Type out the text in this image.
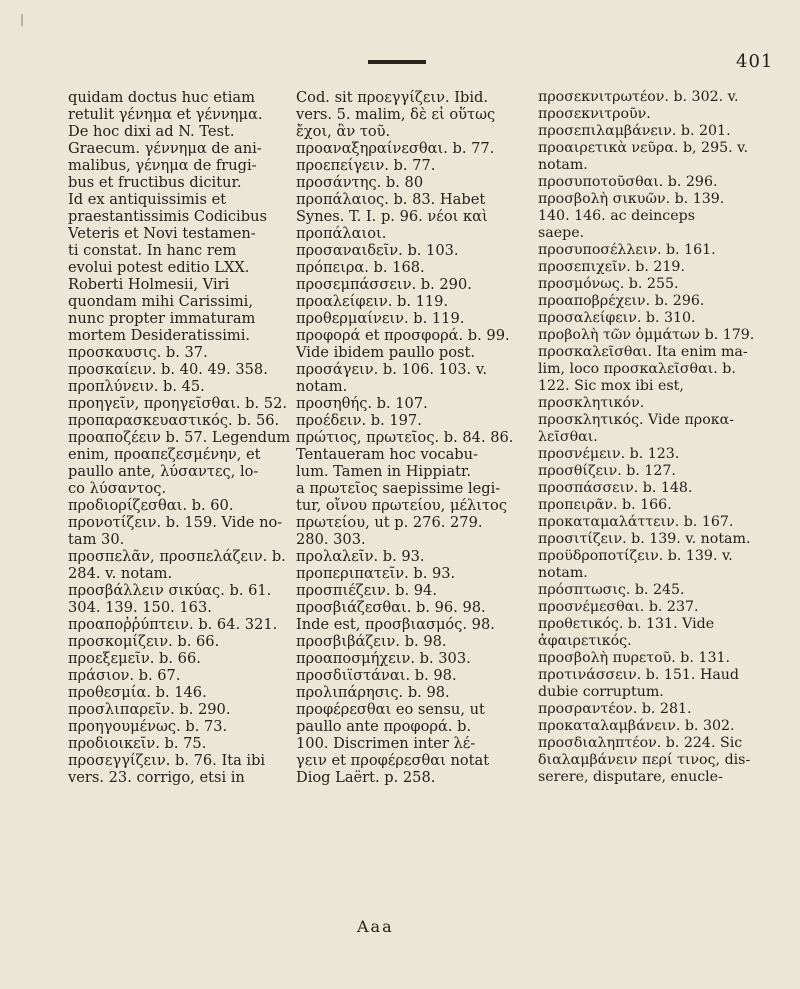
|
401
quidam doctus huc etiam
retulit γένημα et γέννημα.
De hoc dixi ad N. Test.
Graecum. γέννημα de ani-
malibus, γένημα de frugi-
bus et fructibus dicitur.
Id ex antiquissimis et
praestantissimis Codicibus
Veteris et Novi testamen-
ti constat. In hanc rem
evolui potest editio LXX.
Roberti Holmesii, Viri
quondam mihi Carissimi,
nunc propter immaturam
mortem Desideratissimi.
προσκαυσις. b. 37.
προσκαίειν. b. 40. 49. 358.
προπλύνειν. b. 45.
προηγεῖν, προηγεῖσθαι. b. 52.
προπαρασκευαστικός. b. 56.
προαποζέειν b. 57. Legendum
enim, προαπεζεσμένην, et
paullo ante, λύσαντες, lo-
co λύσαντος.
προδιορίζεσθαι. b. 60.
προνοτίζειν. b. 159. Vide no-
tam 30.
προσπελᾶν, προσπελάζειν. b.
284. v. notam.
προσβάλλειν σικύας. b. 61.
304. 139. 150. 163.
προαποῤῥύπτειν. b. 64. 321.
προσκομίζειν. b. 66.
προεξεμεῖν. b. 66.
πράσιον. b. 67.
προθεσμία. b. 146.
προσλιπαρεῖν. b. 290.
προηγουμένως. b. 73.
προδιοικεῖν. b. 75.
προσεγγίζειν. b. 76. Ita ibi
vers. 23. corrigo, etsi in
Cod. sit προεγγίζειν. Ibid.
vers. 5. malim, δὲ εἰ οὕτως
ἔχοι, ἂν τοῦ.
προαναξηραίνεσθαι. b. 77.
προεπείγειν. b. 77.
προσάντης. b. 80
προπάλαιος. b. 83. Habet
Synes. T. I. p. 96. νέοι καὶ
προπάλαιοι.
προσαναιδεῖν. b. 103.
πρόπειρα. b. 168.
προσεμπάσσειν. b. 290.
προαλείφειν. b. 119.
προθερμαίνειν. b. 119.
προφορά et προσφορά. b. 99.
Vide ibidem paullo post.
προσάγειν. b. 106. 103. v.
notam.
προσηθής. b. 107.
προέδειν. b. 197.
πρώτιος, πρωτεῖος. b. 84. 86.
Tentaueram hoc vocabu-
lum. Tamen in Hippiatr.
a πρωτεῖος saepissime legi-
tur, οἴνου πρωτείου, μέλιτος
πρωτείου, ut p. 276. 279.
280. 303.
προλαλεῖν. b. 93.
προπεριπατεῖν. b. 93.
προσπιέζειν. b. 94.
προσβιάζεσθαι. b. 96. 98.
Inde est, προσβιασμός. 98.
προσβιβάζειν. b. 98.
προαποσμήχειν. b. 303.
προσδιϊστάναι. b. 98.
προλιπάρησις. b. 98.
προφέρεσθαι eo sensu, ut
paullo ante προφορά. b.
100. Discrimen inter λέ-
γειν et προφέρεσθαι notat
Diog Laërt. p. 258.
προσεκνιτρωτέον. b. 302. v.
προσεκνιτροῦν.
προσεπιλαμβάνειν. b. 201.
προαιρετικὰ νεῦρα. b, 295. v.
notam.
προσυποτοῦσθαι. b. 296.
προσβολὴ σικυῶν. b. 139.
140. 146. ac deinceps
saepe.
προσυποσέλλειν. b. 161.
προσεπιχεῖν. b. 219.
προσμόνως. b. 255.
προαποβρέχειν. b. 296.
προσαλείφειν. b. 310.
προβολὴ τῶν ὀμμάτων b. 179.
προσκαλεῖσθαι. Ita enim ma-
lim, loco προσκαλεῖσθαι. b.
122. Sic mox ibi est,
προσκλητικόν.
προσκλητικός. Vide προκα-
λεῖσθαι.
προσνέμειν. b. 123.
προσθίζειν. b. 127.
προσπάσσειν. b. 148.
προπειρᾶν. b. 166.
προκαταμαλάττειν. b. 167.
προσιτίζειν. b. 139. v. notam.
προϋδροποτίζειν. b. 139. v.
notam.
πρόσπτωσις. b. 245.
προσνέμεσθαι. b. 237.
προθετικός. b. 131. Vide
ἀφαιρετικός.
προσβολὴ πυρετοῦ. b. 131.
προτινάσσειν. b. 151. Haud
dubie corruptum.
προσραντέον. b. 281.
προκαταλαμβάνειν. b. 302.
προσδιαληπτέον. b. 224. Sic
διαλαμβάνειν περί τινος, dis-
serere, disputare, enucle-
Aaa
